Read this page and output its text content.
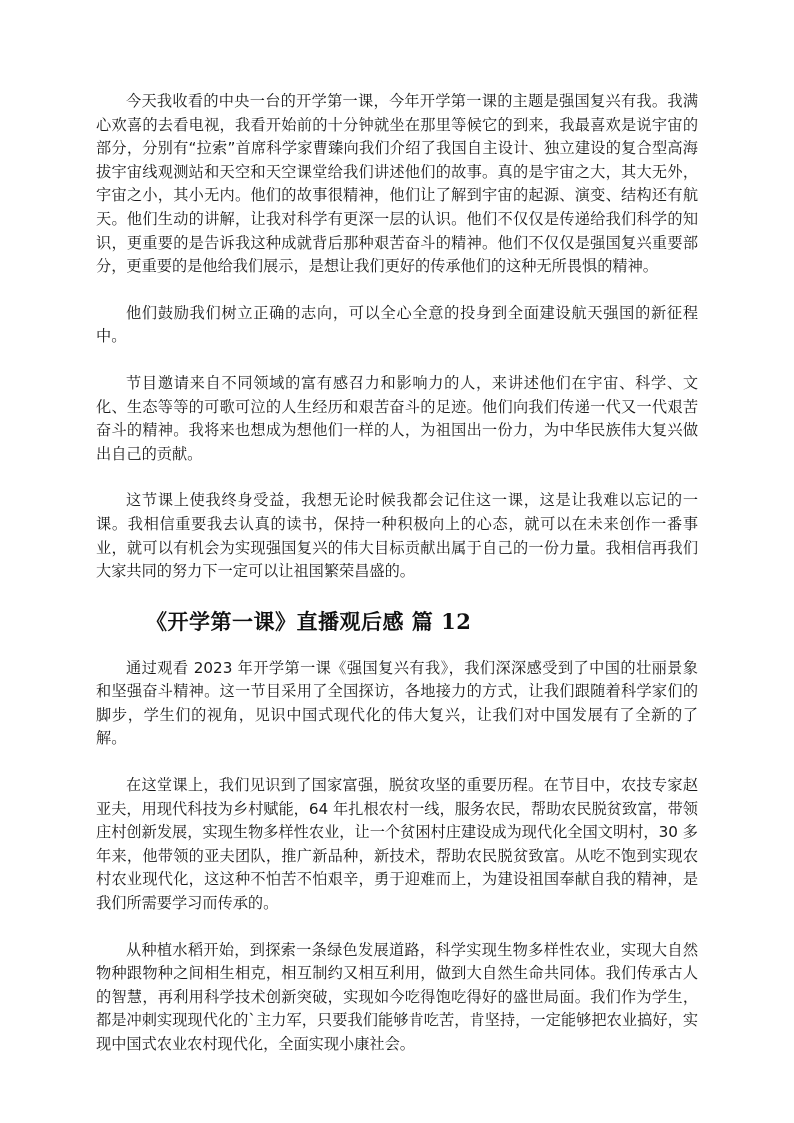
今天我收看的中央一台的开学第一课，今年开学第一课的主题是强国复兴有我。我满心欢喜的去看电视，我看开始前的十分钟就坐在那里等候它的到来，我最喜欢是说宇宙的部分，分别有“拉索”首席科学家曹臻向我们介绍了我国自主设计、独立建设的复合型高海拔宇宙线观测站和天空和天空课堂给我们讲述他们的故事。真的是宇宙之大，其大无外，宇宙之小，其小无内。他们的故事很精神，他们让了解到宇宙的起源、演变、结构还有航天。他们生动的讲解，让我对科学有更深一层的认识。他们不仅仅是传递给我们科学的知识，更重要的是告诉我这种成就背后那种艰苦奋斗的精神。他们不仅仅是强国复兴重要部分，更重要的是他给我们展示，是想让我们更好的传承他们的这种无所畏惧的精神。

他们鼓励我们树立正确的志向，可以全心全意的投身到全面建设航天强国的新征程中。

节目邀请来自不同领域的富有感召力和影响力的人，来讲述他们在宇宙、科学、文化、生态等等的可歌可泣的人生经历和艰苦奋斗的足迹。他们向我们传递一代又一代艰苦奋斗的精神。我将来也想成为想他们一样的人，为祖国出一份力，为中华民族伟大复兴做出自己的贡献。

这节课上使我终身受益，我想无论时候我都会记住这一课，这是让我难以忘记的一课。我相信重要我去认真的读书，保持一种积极向上的心态，就可以在未来创作一番事业，就可以有机会为实现强国复兴的伟大目标贡献出属于自己的一份力量。我相信再我们大家共同的努力下一定可以让祖国繁荣昌盛的。

《开学第一课》直播观后感 篇 12

通过观看 2023 年开学第一课《强国复兴有我》，我们深深感受到了中国的壮丽景象和坚强奋斗精神。这一节目采用了全国探访，各地接力的方式，让我们跟随着科学家们的脚步，学生们的视角，见识中国式现代化的伟大复兴，让我们对中国发展有了全新的了解。

在这堂课上，我们见识到了国家富强，脱贫攻坚的重要历程。在节目中，农技专家赵亚夫，用现代科技为乡村赋能，64 年扎根农村一线，服务农民，帮助农民脱贫致富，带领庄村创新发展，实现生物多样性农业，让一个贫困村庄建设成为现代化全国文明村，30 多年来，他带领的亚夫团队，推广新品种，新技术，帮助农民脱贫致富。从吃不饱到实现农村农业现代化，这这种不怕苦不怕艰辛，勇于迎难而上，为建设祖国奉献自我的精神，是我们所需要学习而传承的。

从种植水稻开始，到探索一条绿色发展道路，科学实现生物多样性农业，实现大自然物种跟物种之间相生相克，相互制约又相互利用，做到大自然生命共同体。我们传承古人的智慧，再利用科学技术创新突破，实现如今吃得饱吃得好的盛世局面。我们作为学生，都是冲刺实现现代化的`主力军，只要我们能够肯吃苦，肯坚持，一定能够把农业搞好，实现中国式农业农村现代化，全面实现小康社会。
